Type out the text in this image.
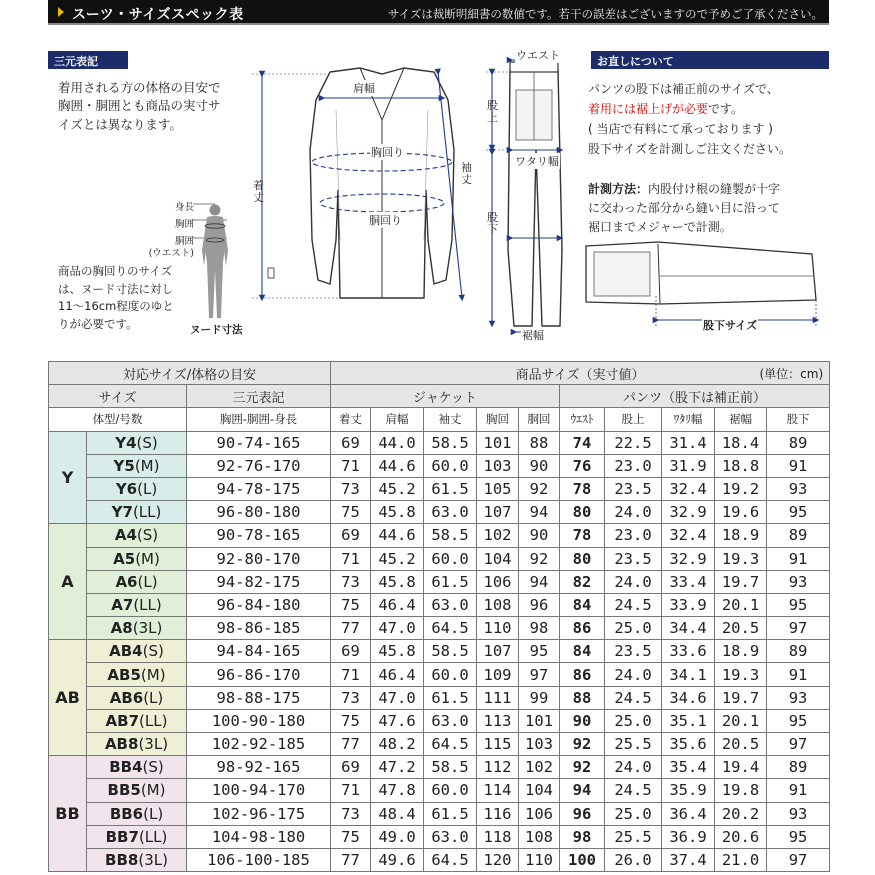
スーツ・サイズスペック表	サイズは裁断明細書の数値です。若干の誤差はございますので予めご了承ください。
三元表記
着用される方の体格の目安で
胸囲・胴囲とも商品の実寸サ
イズとは異なります。
身長
胸囲
胴囲
(ウエスト)
商品の胸回りのサイズ
は、ヌード寸法に対し
11～16cm程度のゆと
りが必要です。	ヌード寸法
肩幅
胸回り
胴回り
着丈
袖丈
ウエスト
股上
ワタリ幅
股下
裾幅
お直しについて
パンツの股下は補正前のサイズで、
着用には裾上げが必要です。
( 当店で有料にて承っております )
股下サイズを計測しご注文ください。
計測方法：内股付け根の縫製が十字
に交わった部分から縫い目に沿って
裾口までメジャーで計測。
股下サイズ
対応サイズ/体格の目安			商品サイズ（実寸値） (単位：cm)									

サイズ		三元表記	ジャケット					パンツ（股下は補正前）				
体型/号数		胸囲-胴囲-身長	着丈	肩幅	袖丈	胸回	胴回	ｳｴｽﾄ	股上	ﾜﾀﾘ幅	裾幅	股下
Y	Y4(S)	90-74-165	69	44.0	58.5	101	88	74	22.5	31.4	18.4	89
	Y5(M)	92-76-170	71	44.6	60.0	103	90	76	23.0	31.9	18.8	91
	Y6(L)	94-78-175	73	45.2	61.5	105	92	78	23.5	32.4	19.2	93
	Y7(LL)	96-80-180	75	45.8	63.0	107	94	80	24.0	32.9	19.6	95
A	A4(S)	90-78-165	69	44.6	58.5	102	90	78	23.0	32.4	18.9	89
	A5(M)	92-80-170	71	45.2	60.0	104	92	80	23.5	32.9	19.3	91
	A6(L)	94-82-175	73	45.8	61.5	106	94	82	24.0	33.4	19.7	93
	A7(LL)	96-84-180	75	46.4	63.0	108	96	84	24.5	33.9	20.1	95
	A8(3L)	98-86-185	77	47.0	64.5	110	98	86	25.0	34.4	20.5	97
AB	AB4(S)	94-84-165	69	45.8	58.5	107	95	84	23.5	33.6	18.9	89
	AB5(M)	96-86-170	71	46.4	60.0	109	97	86	24.0	34.1	19.3	91
	AB6(L)	98-88-175	73	47.0	61.5	111	99	88	24.5	34.6	19.7	93
	AB7(LL)	100-90-180	75	47.6	63.0	113	101	90	25.0	35.1	20.1	95
	AB8(3L)	102-92-185	77	48.2	64.5	115	103	92	25.5	35.6	20.5	97
BB	BB4(S)	98-92-165	69	47.2	58.5	112	102	92	24.0	35.4	19.4	89
	BB5(M)	100-94-170	71	47.8	60.0	114	104	94	24.5	35.9	19.8	91
	BB6(L)	102-96-175	73	48.4	61.5	116	106	96	25.0	36.4	20.2	93
	BB7(LL)	104-98-180	75	49.0	63.0	118	108	98	25.5	36.9	20.6	95
	BB8(3L)	106-100-185	77	49.6	64.5	120	110	100	26.0	37.4	21.0	97
